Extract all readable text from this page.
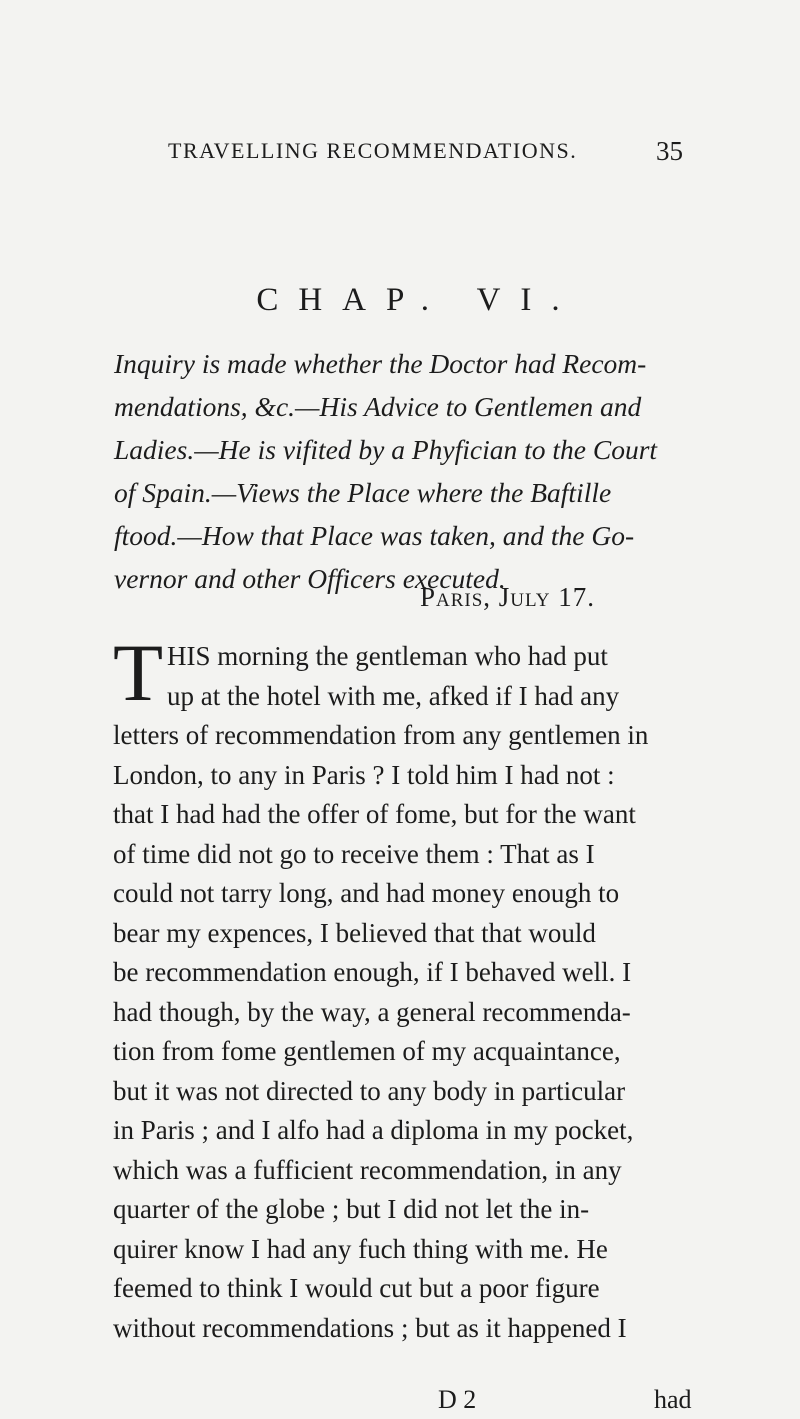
TRAVELLING RECOMMENDATIONS.	35
CHAP. VI.
Inquiry is made whether the Doctor had Recom-
mendations, &c.—His Advice to Gentlemen and
Ladies.—He is vifited by a Phyfician to the Court
of Spain.—Views the Place where the Baftille
ftood.—How that Place was taken, and the Go-
vernor and other Officers executed.
Paris, July 17.
T HIS morning the gentleman who had put
up at the hotel with me, afked if I had any
letters of recommendation from any gentlemen in
London, to any in Paris ? I told him I had not :
that I had had the offer of fome, but for the want
of time did not go to receive them : That as I
could not tarry long, and had money enough to
bear my expences, I believed that that would
be recommendation enough, if I behaved well. I
had though, by the way, a general recommenda-
tion from fome gentlemen of my acquaintance,
but it was not directed to any body in particular
in Paris ; and I alfo had a diploma in my pocket,
which was a fufficient recommendation, in any
quarter of the globe ; but I did not let the in-
quirer know I had any fuch thing with me. He
feemed to think I would cut but a poor figure
without recommendations ; but as it happened I
D 2	had
